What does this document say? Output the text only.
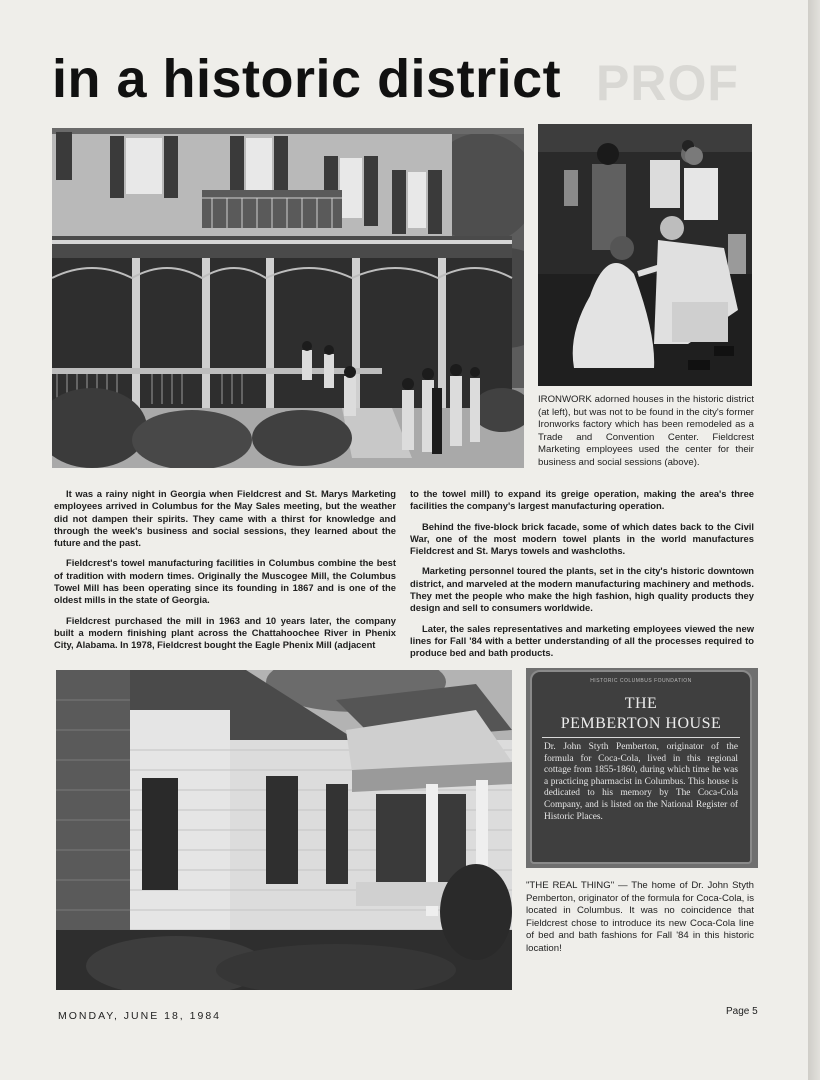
PROF
in a historic district

IRONWORK adorned houses in the historic district (at left), but was not to be found in the city's former Ironworks factory which has been remodeled as a Trade and Convention Center. Fieldcrest Marketing employees used the center for their business and social sessions (above).

It was a rainy night in Georgia when Fieldcrest and St. Marys Marketing employees arrived in Columbus for the May Sales meeting, but the weather did not dampen their spirits. They came with a thirst for knowledge and through the week's business and social sessions, they learned about the future and the past.

Fieldcrest's towel manufacturing facilities in Columbus combine the best of tradition with modern times. Originally the Muscogee Mill, the Columbus Towel Mill has been operating since its founding in 1867 and is one of the oldest mills in the state of Georgia.

Fieldcrest purchased the mill in 1963 and 10 years later, the company built a modern finishing plant across the Chattahoochee River in Phenix City, Alabama. In 1978, Fieldcrest bought the Eagle Phenix Mill (adjacent

to the towel mill) to expand its greige operation, making the area's three facilities the company's largest manufacturing operation.

Behind the five-block brick facade, some of which dates back to the Civil War, one of the most modern towel plants in the world manufactures Fieldcrest and St. Marys towels and washcloths.

Marketing personnel toured the plants, set in the city's historic downtown district, and marveled at the modern manufacturing machinery and methods. They met the people who make the high fashion, high quality products they design and sell to consumers worldwide.

Later, the sales representatives and marketing employees viewed the new lines for Fall '84 with a better understanding of all the processes required to produce bed and bath products.

HISTORIC COLUMBUS FOUNDATION
THE
PEMBERTON HOUSE
Dr. John Styth Pemberton, originator of the formula for Coca-Cola, lived in this regional cottage from 1855-1860, during which time he was a practicing pharmacist in Columbus. This house is dedicated to his memory by The Coca-Cola Company, and is listed on the National Register of Historic Places.

"THE REAL THING" — The home of Dr. John Styth Pemberton, originator of the formula for Coca-Cola, is located in Columbus. It was no coincidence that Fieldcrest chose to introduce its new Coca-Cola line of bed and bath fashions for Fall '84 in this historic location!

MONDAY, JUNE 18, 1984	Page 5
